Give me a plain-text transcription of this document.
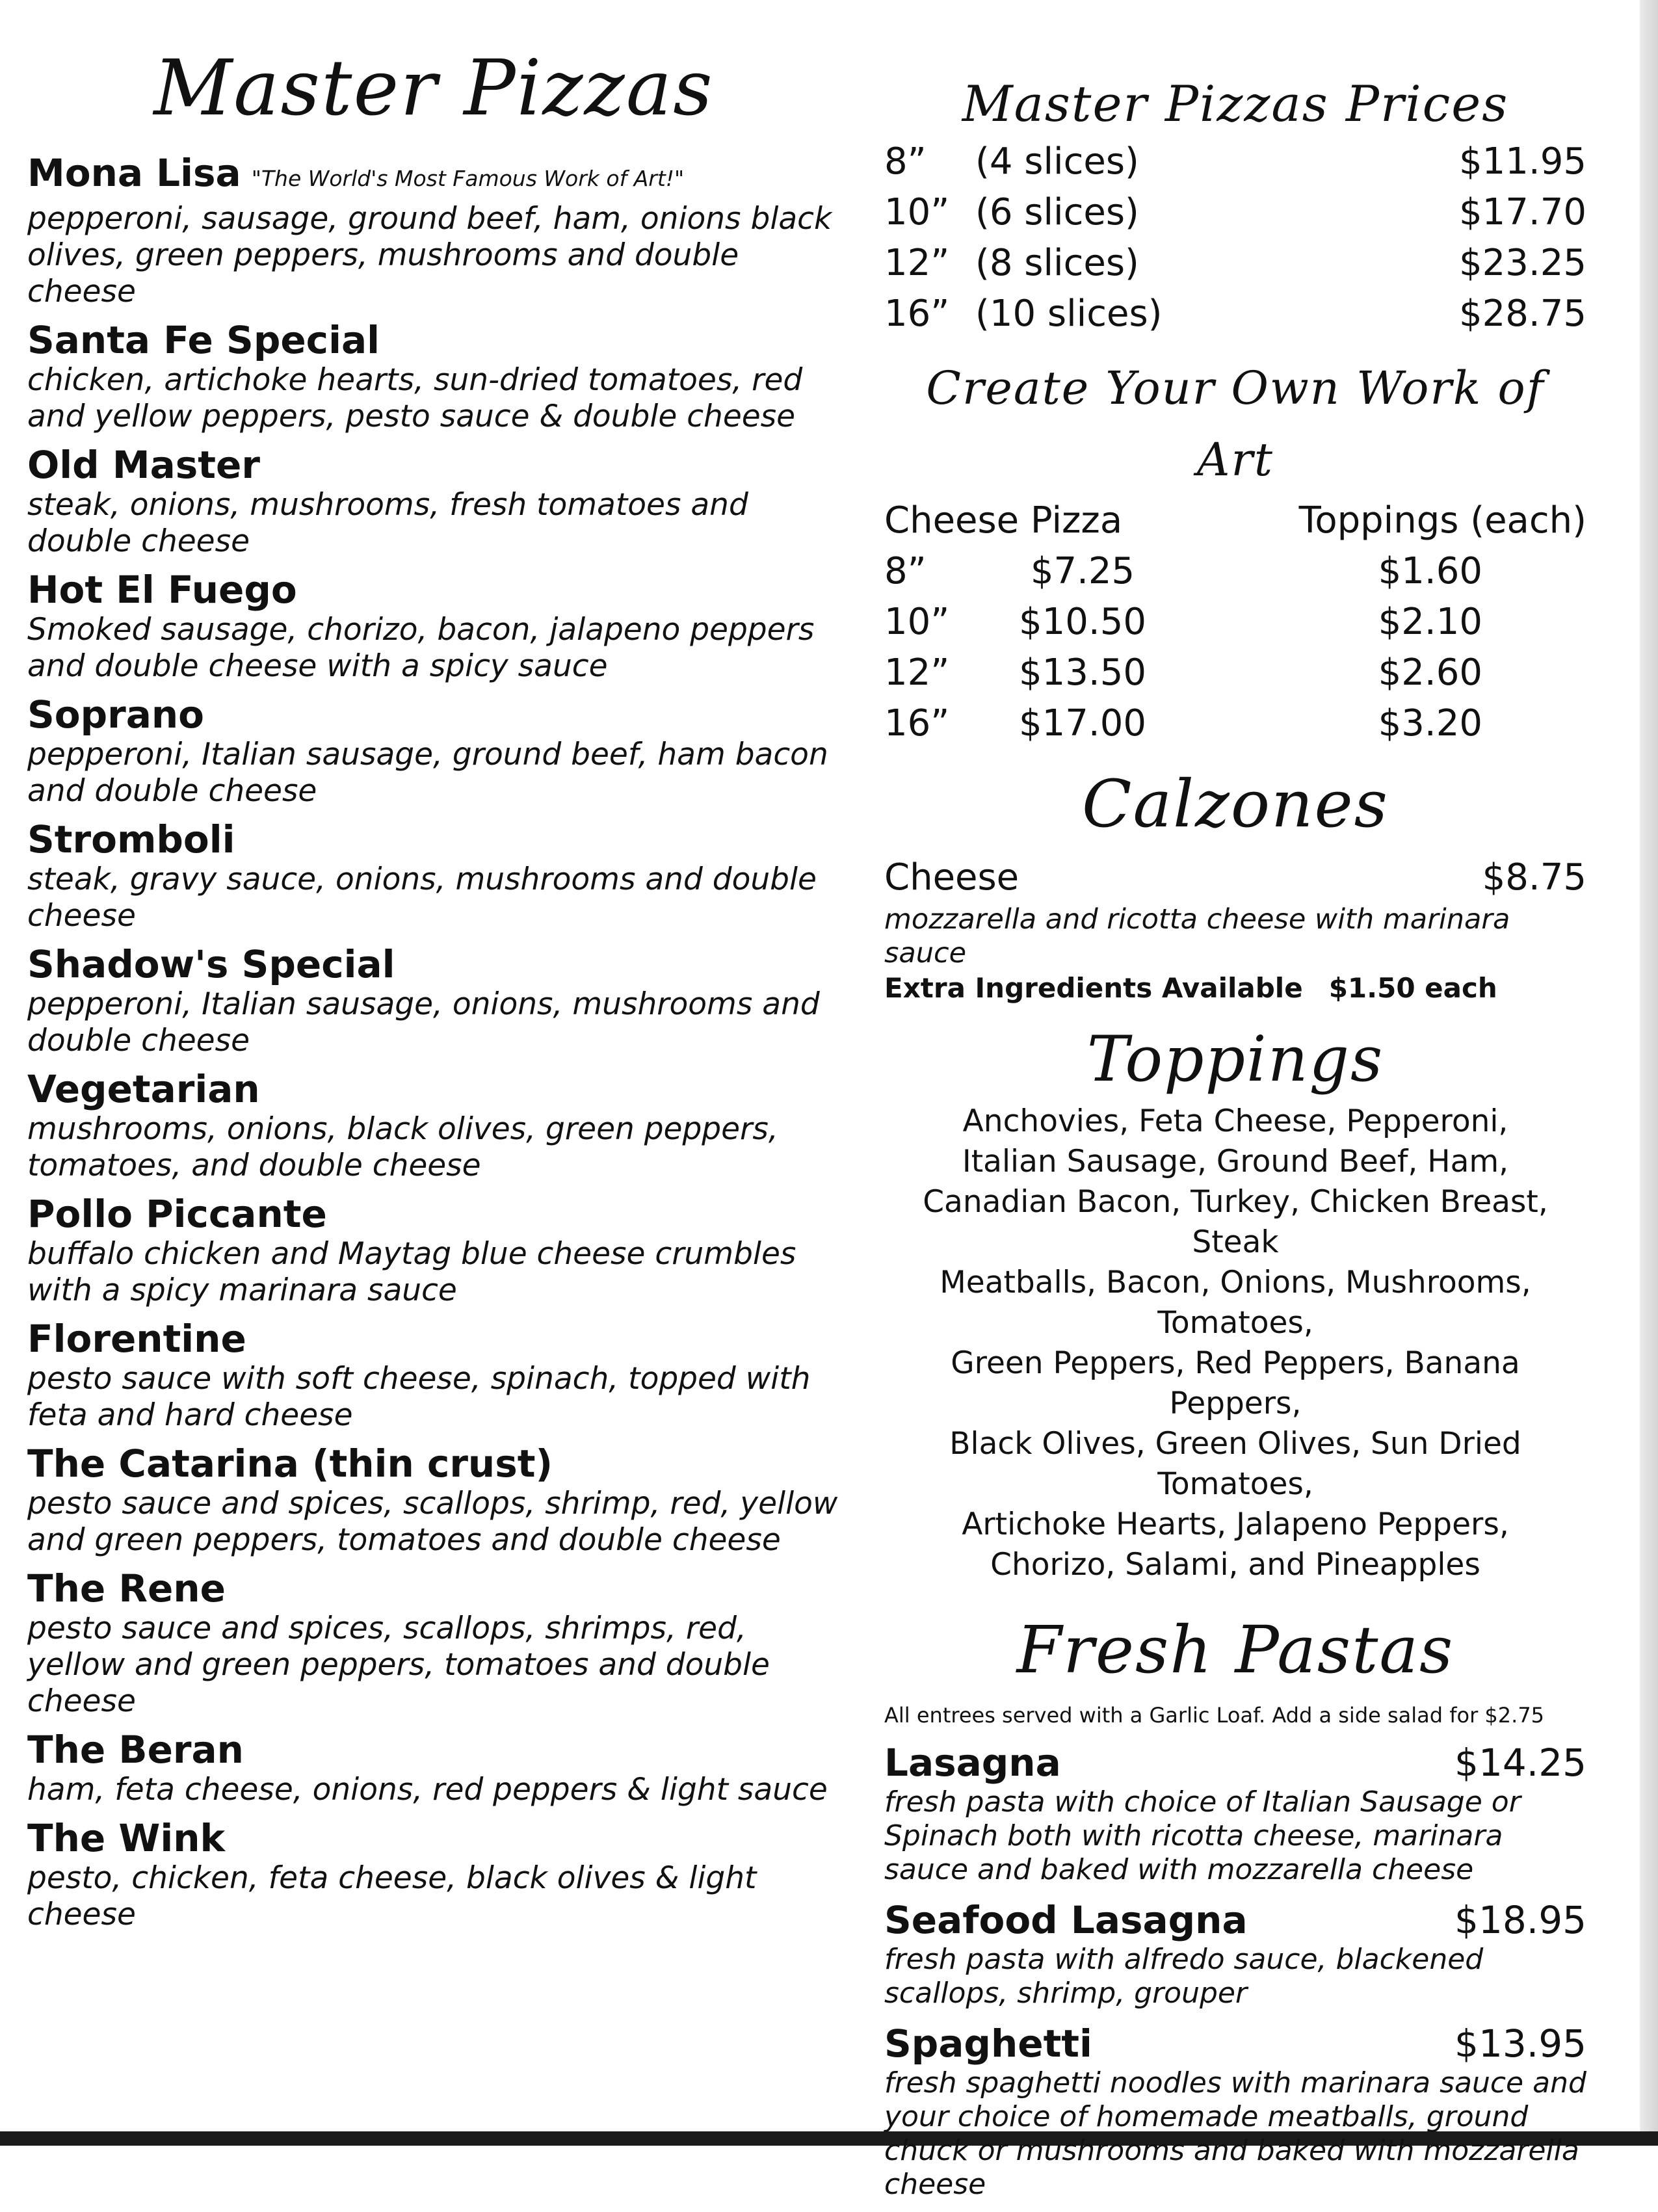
Master Pizzas
Mona Lisa "The World's Most Famous Work of Art!"
pepperoni, sausage, ground beef, ham, onions black olives, green peppers, mushrooms and double cheese
Santa Fe Special
chicken, artichoke hearts, sun-dried tomatoes, red and yellow peppers, pesto sauce & double cheese
Old Master
steak, onions, mushrooms, fresh tomatoes and double cheese
Hot El Fuego
Smoked sausage, chorizo, bacon, jalapeno peppers and double cheese with a spicy sauce
Soprano
pepperoni, Italian sausage, ground beef, ham bacon and double cheese
Stromboli
steak, gravy sauce, onions, mushrooms and double cheese
Shadow's Special
pepperoni, Italian sausage, onions, mushrooms and double cheese
Vegetarian
mushrooms, onions, black olives, green peppers, tomatoes, and double cheese
Pollo Piccante
buffalo chicken and Maytag blue cheese crumbles with a spicy marinara sauce
Florentine
pesto sauce with soft cheese, spinach, topped with feta and hard cheese
The Catarina (thin crust)
pesto sauce and spices, scallops, shrimp, red, yellow and green peppers, tomatoes and double cheese
The Rene
pesto sauce and spices, scallops, shrimps, red, yellow and green peppers, tomatoes and double cheese
The Beran
ham, feta cheese, onions, red peppers & light sauce
The Wink
pesto, chicken, feta cheese, black olives & light cheese
Master Pizzas Prices
8”	(4 slices)	$11.95
10” (6 slices)	$17.70
12” (8 slices)	$23.25
16” (10 slices)	$28.75
Create Your Own Work of Art
Cheese Pizza	Toppings (each)
8”	$7.25	$1.60
10”	$10.50	$2.10
12”	$13.50	$2.60
16”	$17.00	$3.20
Calzones
Cheese	$8.75
mozzarella and ricotta cheese with marinara sauce
Extra Ingredients Available $1.50 each
Toppings
Anchovies, Feta Cheese, Pepperoni,
Italian Sausage, Ground Beef, Ham,
Canadian Bacon, Turkey, Chicken Breast, Steak
Meatballs, Bacon, Onions, Mushrooms, Tomatoes,
Green Peppers, Red Peppers, Banana Peppers,
Black Olives, Green Olives, Sun Dried Tomatoes,
Artichoke Hearts, Jalapeno Peppers,
Chorizo, Salami, and Pineapples
Fresh Pastas
All entrees served with a Garlic Loaf. Add a side salad for $2.75
Lasagna	$14.25
fresh pasta with choice of Italian Sausage or Spinach both with ricotta cheese, marinara sauce and baked with mozzarella cheese
Seafood Lasagna	$18.95
fresh pasta with alfredo sauce, blackened scallops, shrimp, grouper
Spaghetti	$13.95
fresh spaghetti noodles with marinara sauce and your choice of homemade meatballs, ground chuck or mushrooms and baked with mozzarella cheese
